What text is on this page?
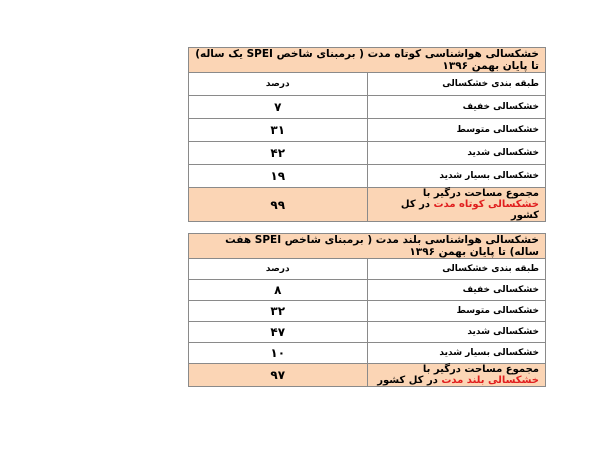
خشکسالی هواشناسی کوتاه مدت ( برمبنای شاخص SPEI یک ساله) تا پایان بهمن ۱۳۹۶	
طبقه بندی خشکسالی	درصد
خشکسالی خفیف	۷
خشکسالی متوسط	۳۱
خشکسالی شدید	۴۲
خشکسالی بسیار شدید	۱۹
مجموع مساحت درگیر با خشکسالی کوتاه مدت در کل کشور	۹۹
خشکسالی هواشناسی بلند مدت ( برمبنای شاخص SPEI هفت ساله) تا پایان بهمن ۱۳۹۶	
طبقه بندی خشکسالی	درصد
خشکسالی خفیف	۸
خشکسالی متوسط	۳۲
خشکسالی شدید	۴۷
خشکسالی بسیار شدید	۱۰
مجموع مساحت درگیر با خشکسالی بلند مدت در کل کشور	۹۷
